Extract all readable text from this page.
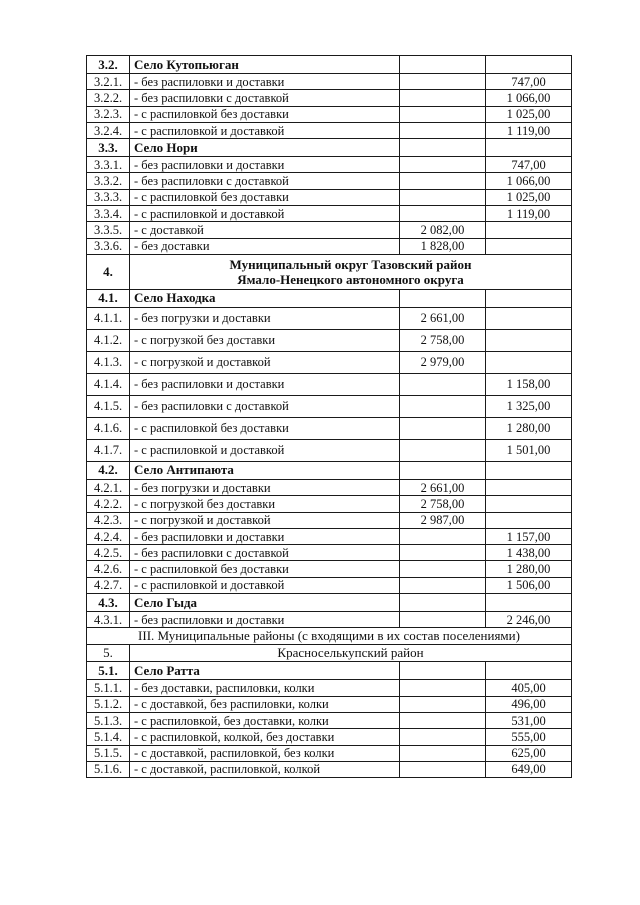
3.2.	Село Кутопьюган		
3.2.1.	- без распиловки и доставки		747,00
3.2.2.	- без распиловки с доставкой		1 066,00
3.2.3.	- с распиловкой без доставки		1 025,00
3.2.4.	- с распиловкой и доставкой		1 119,00
3.3.	Село Нори		
3.3.1.	- без распиловки и доставки		747,00
3.3.2.	- без распиловки с доставкой		1 066,00
3.3.3.	- с распиловкой без доставки		1 025,00
3.3.4.	- с распиловкой и доставкой		1 119,00
3.3.5.	- с доставкой	2 082,00	
3.3.6.	- без доставки	1 828,00	
4.	Муниципальный округ Тазовский район
Ямало-Ненецкого автономного округа		

4.1.	Село Находка		
4.1.1.	- без погрузки и доставки	2 661,00	
4.1.2.	- с погрузкой без доставки	2 758,00	
4.1.3.	- с погрузкой и доставкой	2 979,00	
4.1.4.	- без распиловки и доставки		1 158,00
4.1.5.	- без распиловки с доставкой		1 325,00
4.1.6.	- с распиловкой без доставки		1 280,00
4.1.7.	- с распиловкой и доставкой		1 501,00
4.2.	Село Антипаюта		
4.2.1.	- без погрузки и доставки	2 661,00	
4.2.2.	- с погрузкой без доставки	2 758,00	
4.2.3.	- с погрузкой и доставкой	2 987,00	
4.2.4.	- без распиловки и доставки		1 157,00
4.2.5.	- без распиловки с доставкой		1 438,00
4.2.6.	- с распиловкой без доставки		1 280,00
4.2.7.	- с распиловкой и доставкой		1 506,00
4.3.	Село Гыда		
4.3.1.	- без распиловки и доставки		2 246,00
III. Муниципальные районы (с входящими в их состав поселениями)			
5.	Красноселькупский район		
5.1.	Село Ратта		
5.1.1.	- без доставки, распиловки, колки		405,00
5.1.2.	- с доставкой, без распиловки, колки		496,00
5.1.3.	- с распиловкой, без доставки, колки		531,00
5.1.4.	- с распиловкой, колкой, без доставки		555,00
5.1.5.	- с доставкой, распиловкой, без колки		625,00
5.1.6.	- с доставкой, распиловкой, колкой		649,00
